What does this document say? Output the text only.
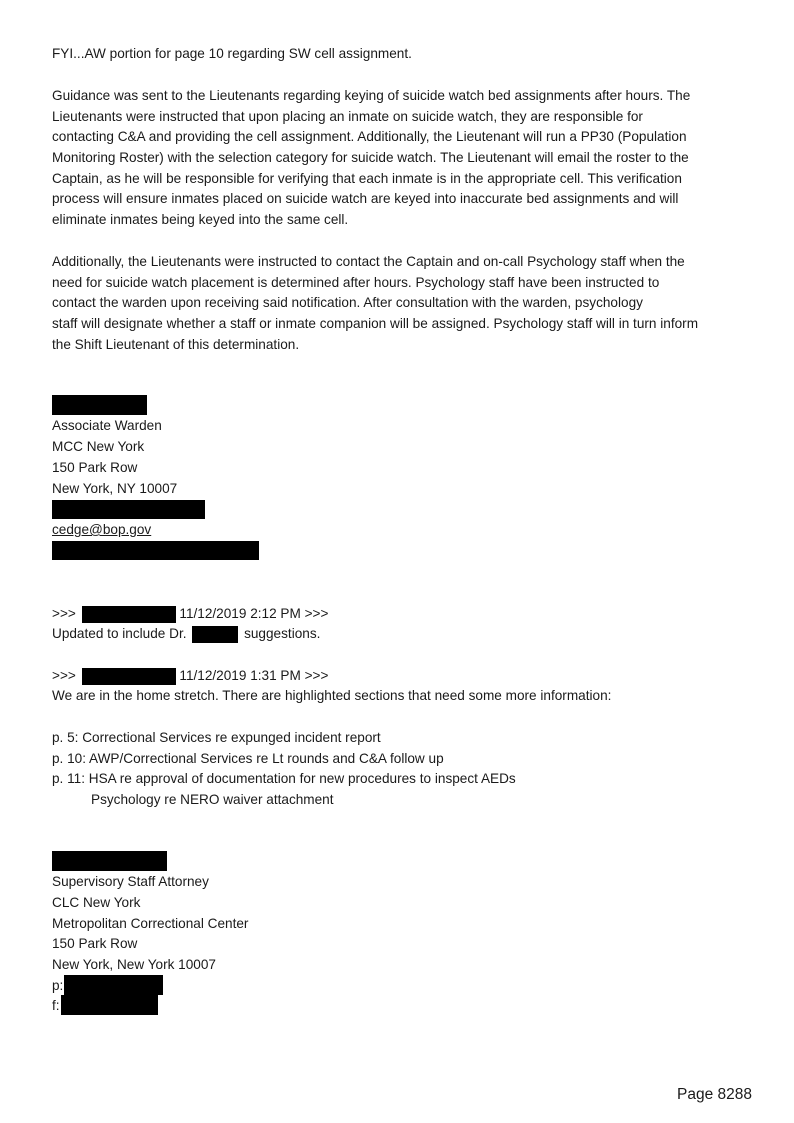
FYI...AW portion for page 10 regarding SW cell assignment.
Guidance was sent to the Lieutenants regarding keying of suicide watch bed assignments after hours. The
Lieutenants were instructed that upon placing an inmate on suicide watch, they are responsible for
contacting C&A and providing the cell assignment. Additionally, the Lieutenant will run a PP30 (Population
Monitoring Roster) with the selection category for suicide watch. The Lieutenant will email the roster to the
Captain, as he will be responsible for verifying that each inmate is in the appropriate cell. This verification
process will ensure inmates placed on suicide watch are keyed into inaccurate bed assignments and will
eliminate inmates being keyed into the same cell.
Additionally, the Lieutenants were instructed to contact the Captain and on-call Psychology staff when the
need for suicide watch placement is determined after hours. Psychology staff have been instructed to
contact the warden upon receiving said notification. After consultation with the warden, psychology
staff will designate whether a staff or inmate companion will be assigned. Psychology staff will in turn inform
the Shift Lieutenant of this determination.
Associate Warden
MCC New York
150 Park Row
New York, NY 10007
cedge@bop.gov
>>>	11/12/2019 2:12 PM >>>
Updated to include Dr.	suggestions.
>>>	11/12/2019 1:31 PM >>>
We are in the home stretch. There are highlighted sections that need some more information:
p. 5: Correctional Services re expunged incident report
p. 10: AWP/Correctional Services re Lt rounds and C&A follow up
p. 11: HSA re approval of documentation for new procedures to inspect AEDs
Psychology re NERO waiver attachment
Supervisory Staff Attorney
CLC New York
Metropolitan Correctional Center
150 Park Row
New York, New York 10007
p:
f:
Page 8288
